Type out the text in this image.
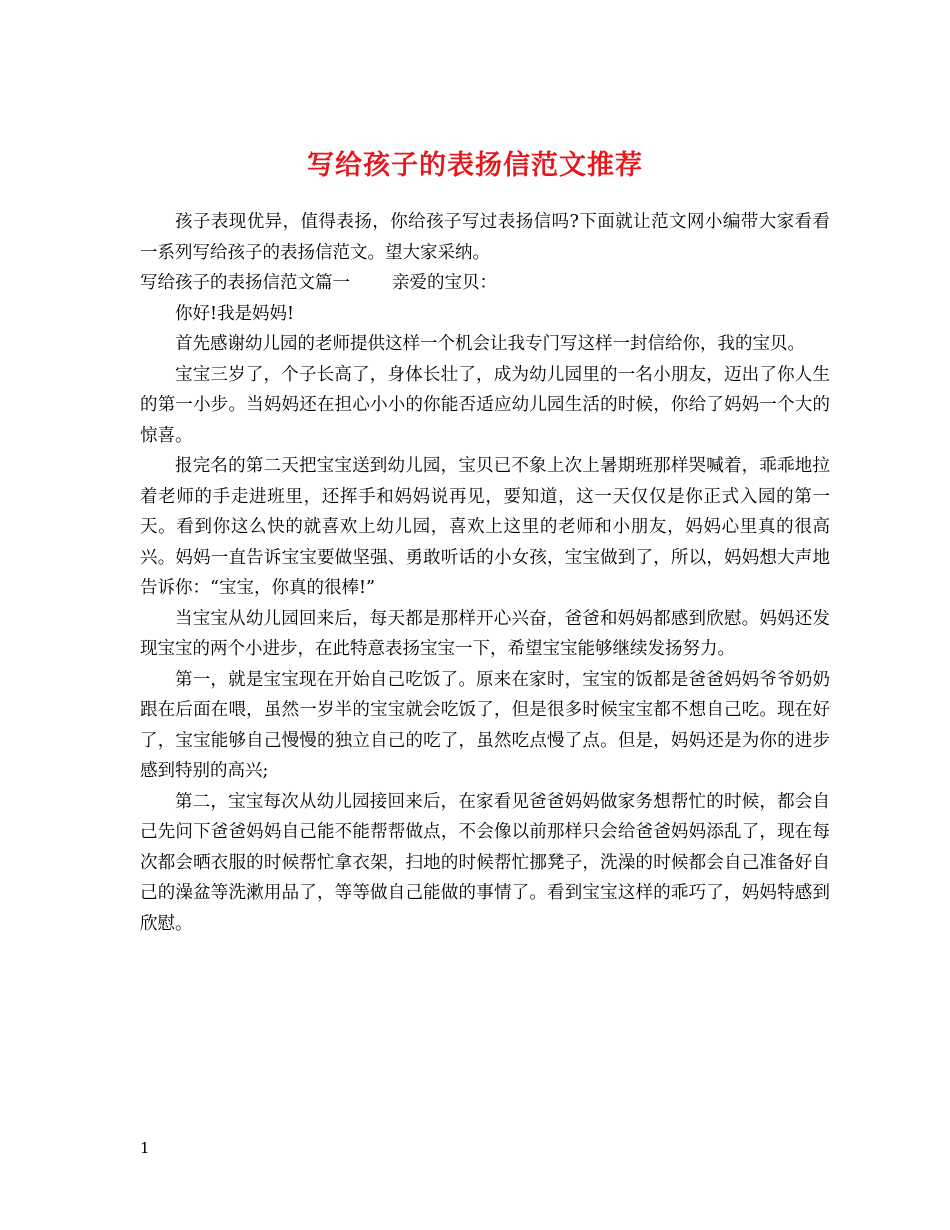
写给孩子的表扬信范文推荐

孩子表现优异，值得表扬，你给孩子写过表扬信吗?下面就让范文网小编带大家看看一系列写给孩子的表扬信范文。望大家采纳。

写给孩子的表扬信范文篇一 亲爱的宝贝：

你好!我是妈妈!

首先感谢幼儿园的老师提供这样一个机会让我专门写这样一封信给你，我的宝贝。

宝宝三岁了，个子长高了，身体长壮了，成为幼儿园里的一名小朋友，迈出了你人生的第一小步。当妈妈还在担心小小的你能否适应幼儿园生活的时候，你给了妈妈一个大的惊喜。

报完名的第二天把宝宝送到幼儿园，宝贝已不象上次上暑期班那样哭喊着，乖乖地拉着老师的手走进班里，还挥手和妈妈说再见，要知道，这一天仅仅是你正式入园的第一天。看到你这么快的就喜欢上幼儿园，喜欢上这里的老师和小朋友，妈妈心里真的很高兴。妈妈一直告诉宝宝要做坚强、勇敢听话的小女孩，宝宝做到了，所以，妈妈想大声地告诉你：“宝宝，你真的很棒!”

当宝宝从幼儿园回来后，每天都是那样开心兴奋，爸爸和妈妈都感到欣慰。妈妈还发现宝宝的两个小进步，在此特意表扬宝宝一下，希望宝宝能够继续发扬努力。

第一，就是宝宝现在开始自己吃饭了。原来在家时，宝宝的饭都是爸爸妈妈爷爷奶奶跟在后面在喂，虽然一岁半的宝宝就会吃饭了，但是很多时候宝宝都不想自己吃。现在好了，宝宝能够自己慢慢的独立自己的吃了，虽然吃点慢了点。但是，妈妈还是为你的进步感到特别的高兴;

第二，宝宝每次从幼儿园接回来后，在家看见爸爸妈妈做家务想帮忙的时候，都会自己先问下爸爸妈妈自己能不能帮帮做点，不会像以前那样只会给爸爸妈妈添乱了，现在每次都会晒衣服的时候帮忙拿衣架，扫地的时候帮忙挪凳子，洗澡的时候都会自己准备好自己的澡盆等洗漱用品了，等等做自己能做的事情了。看到宝宝这样的乖巧了，妈妈特感到欣慰。

1
